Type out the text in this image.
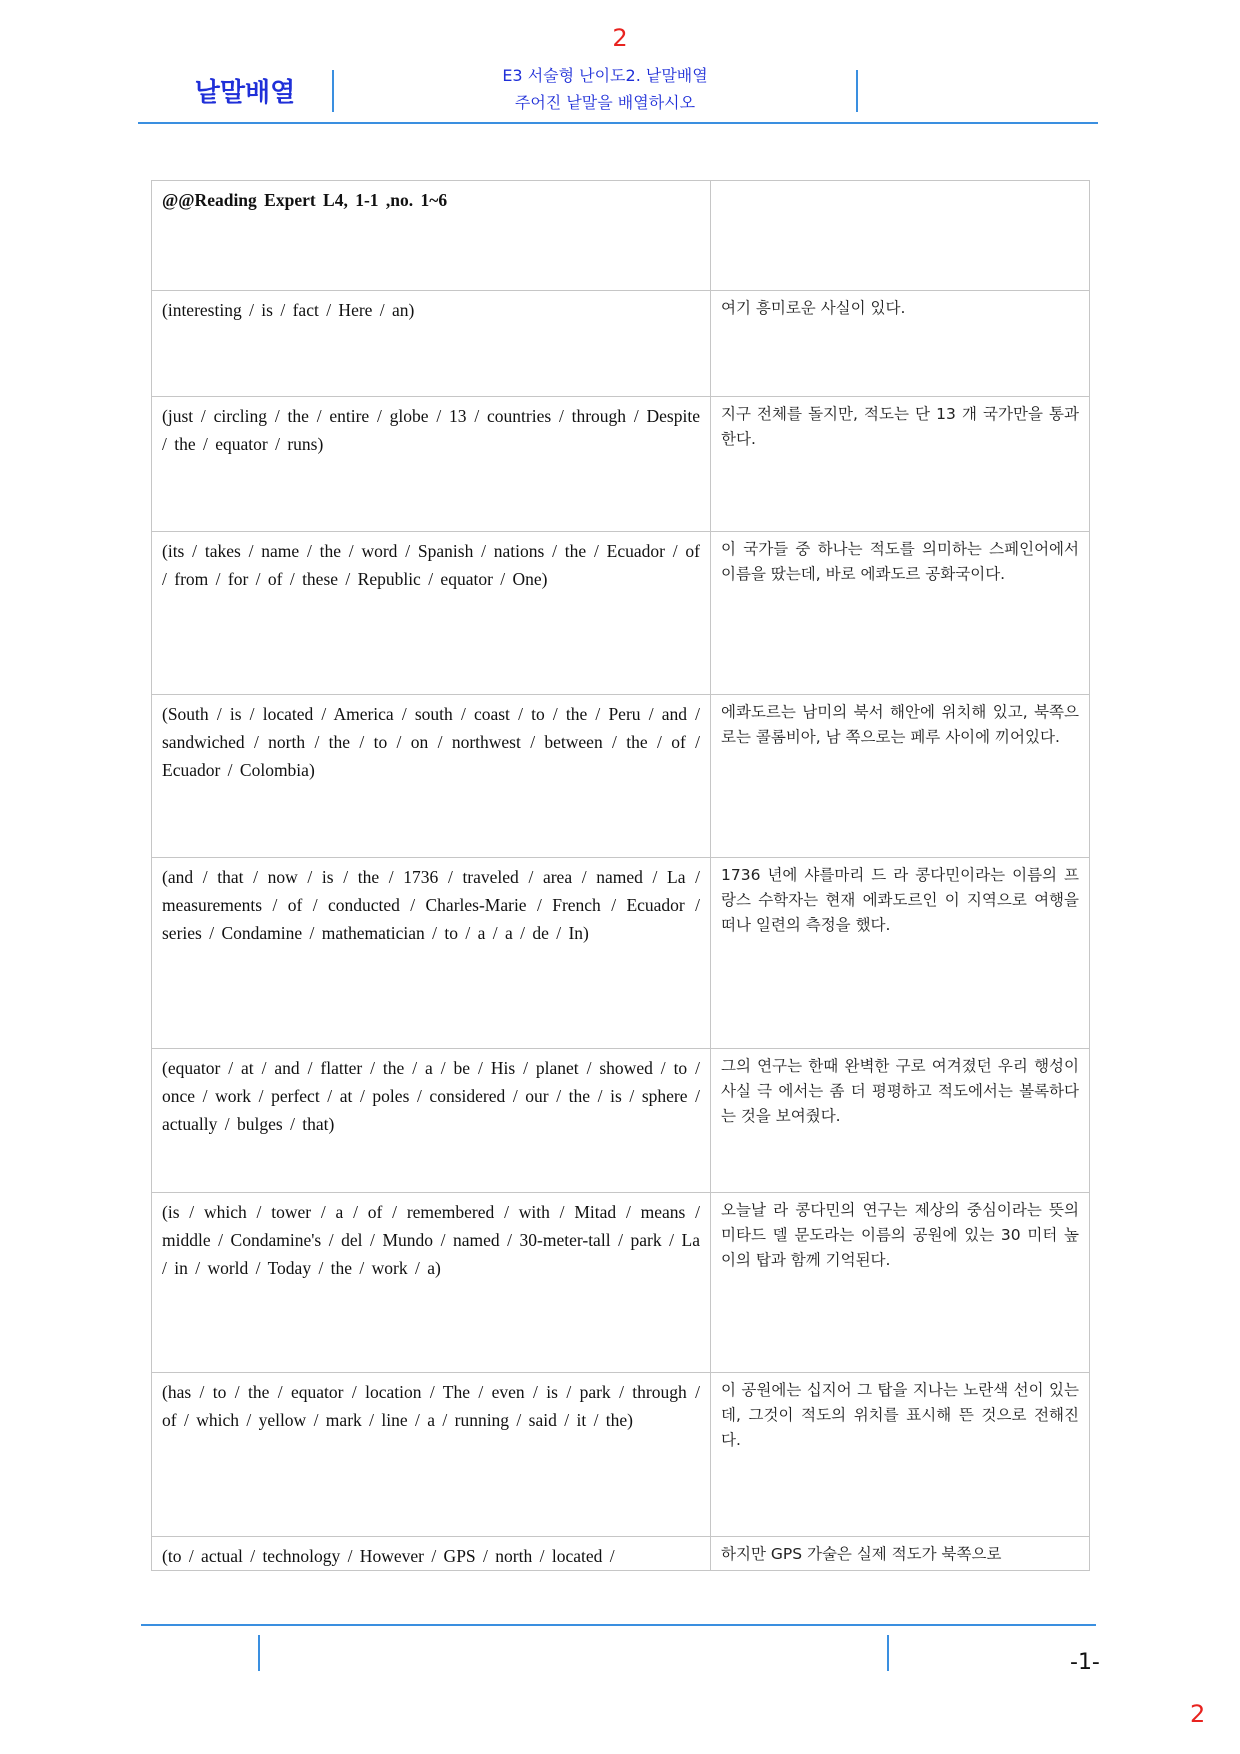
2
낱말배열
E3 서술형 난이도2. 낱말배열
주어진 낱말을 배열하시오
@@Reading Expert L4, 1-1 ,no. 1~6	
(interesting / is / fact / Here / an)	여기 흥미로운 사실이 있다.
(just / circling / the / entire / globe / 13 / countries / through / Despite / the / equator / runs)	지구 전체를 돌지만, 적도는 단 13 개 국가만을 통과한다.
(its / takes / name / the / word / Spanish / nations / the / Ecuador / of / from / for / of / these / Republic / equator / One)	이 국가들 중 하나는 적도를 의미하는 스페인어에서 이름을 땄는데, 바로 에콰도르 공화국이다.
(South / is / located / America / south / coast / to / the / Peru / and / sandwiched / north / the / to / on / northwest / between / the / of / Ecuador / Colombia)	에콰도르는 남미의 북서 해안에 위치해 있고, 북쪽으로는 콜롬비아, 남 쪽으로는 페루 사이에 끼어있다.
(and / that / now / is / the / 1736 / traveled / area / named / La / measurements / of / conducted / Charles-Marie / French / Ecuador / series / Condamine / mathematician / to / a / a / de / In)	1736 년에 샤를마리 드 라 콩다민이라는 이름의 프랑스 수학자는 현재 에콰도르인 이 지역으로 여행을 떠나 일련의 측정을 했다.
(equator / at / and / flatter / the / a / be / His / planet / showed / to / once / work / perfect / at / poles / considered / our / the / is / sphere / actually / bulges / that)	그의 연구는 한때 완벽한 구로 여겨졌던 우리 행성이 사실 극 에서는 좀 더 평평하고 적도에서는 볼록하다는 것을 보여줬다.
(is / which / tower / a / of / remembered / with / Mitad / means / middle / Condamine's / del / Mundo / named / 30-meter-tall / park / La / in / world / Today / the / work / a)	오늘날 라 콩다민의 연구는 제상의 중심이라는 뜻의 미타드 델 문도라는 이름의 공원에 있는 30 미터 높이의 탑과 함께 기억된다.
(has / to / the / equator / location / The / even / is / park / through / of / which / yellow / mark / line / a / running / said / it / the)	이 공원에는 십지어 그 탑을 지나는 노란색 선이 있는데, 그것이 적도의 위치를 표시해 뜬 것으로 전해진다.
(to / actual / technology / However / GPS / north / located /	하지만 GPS 가술은 실제 적도가 북쪽으로
-1-
2
